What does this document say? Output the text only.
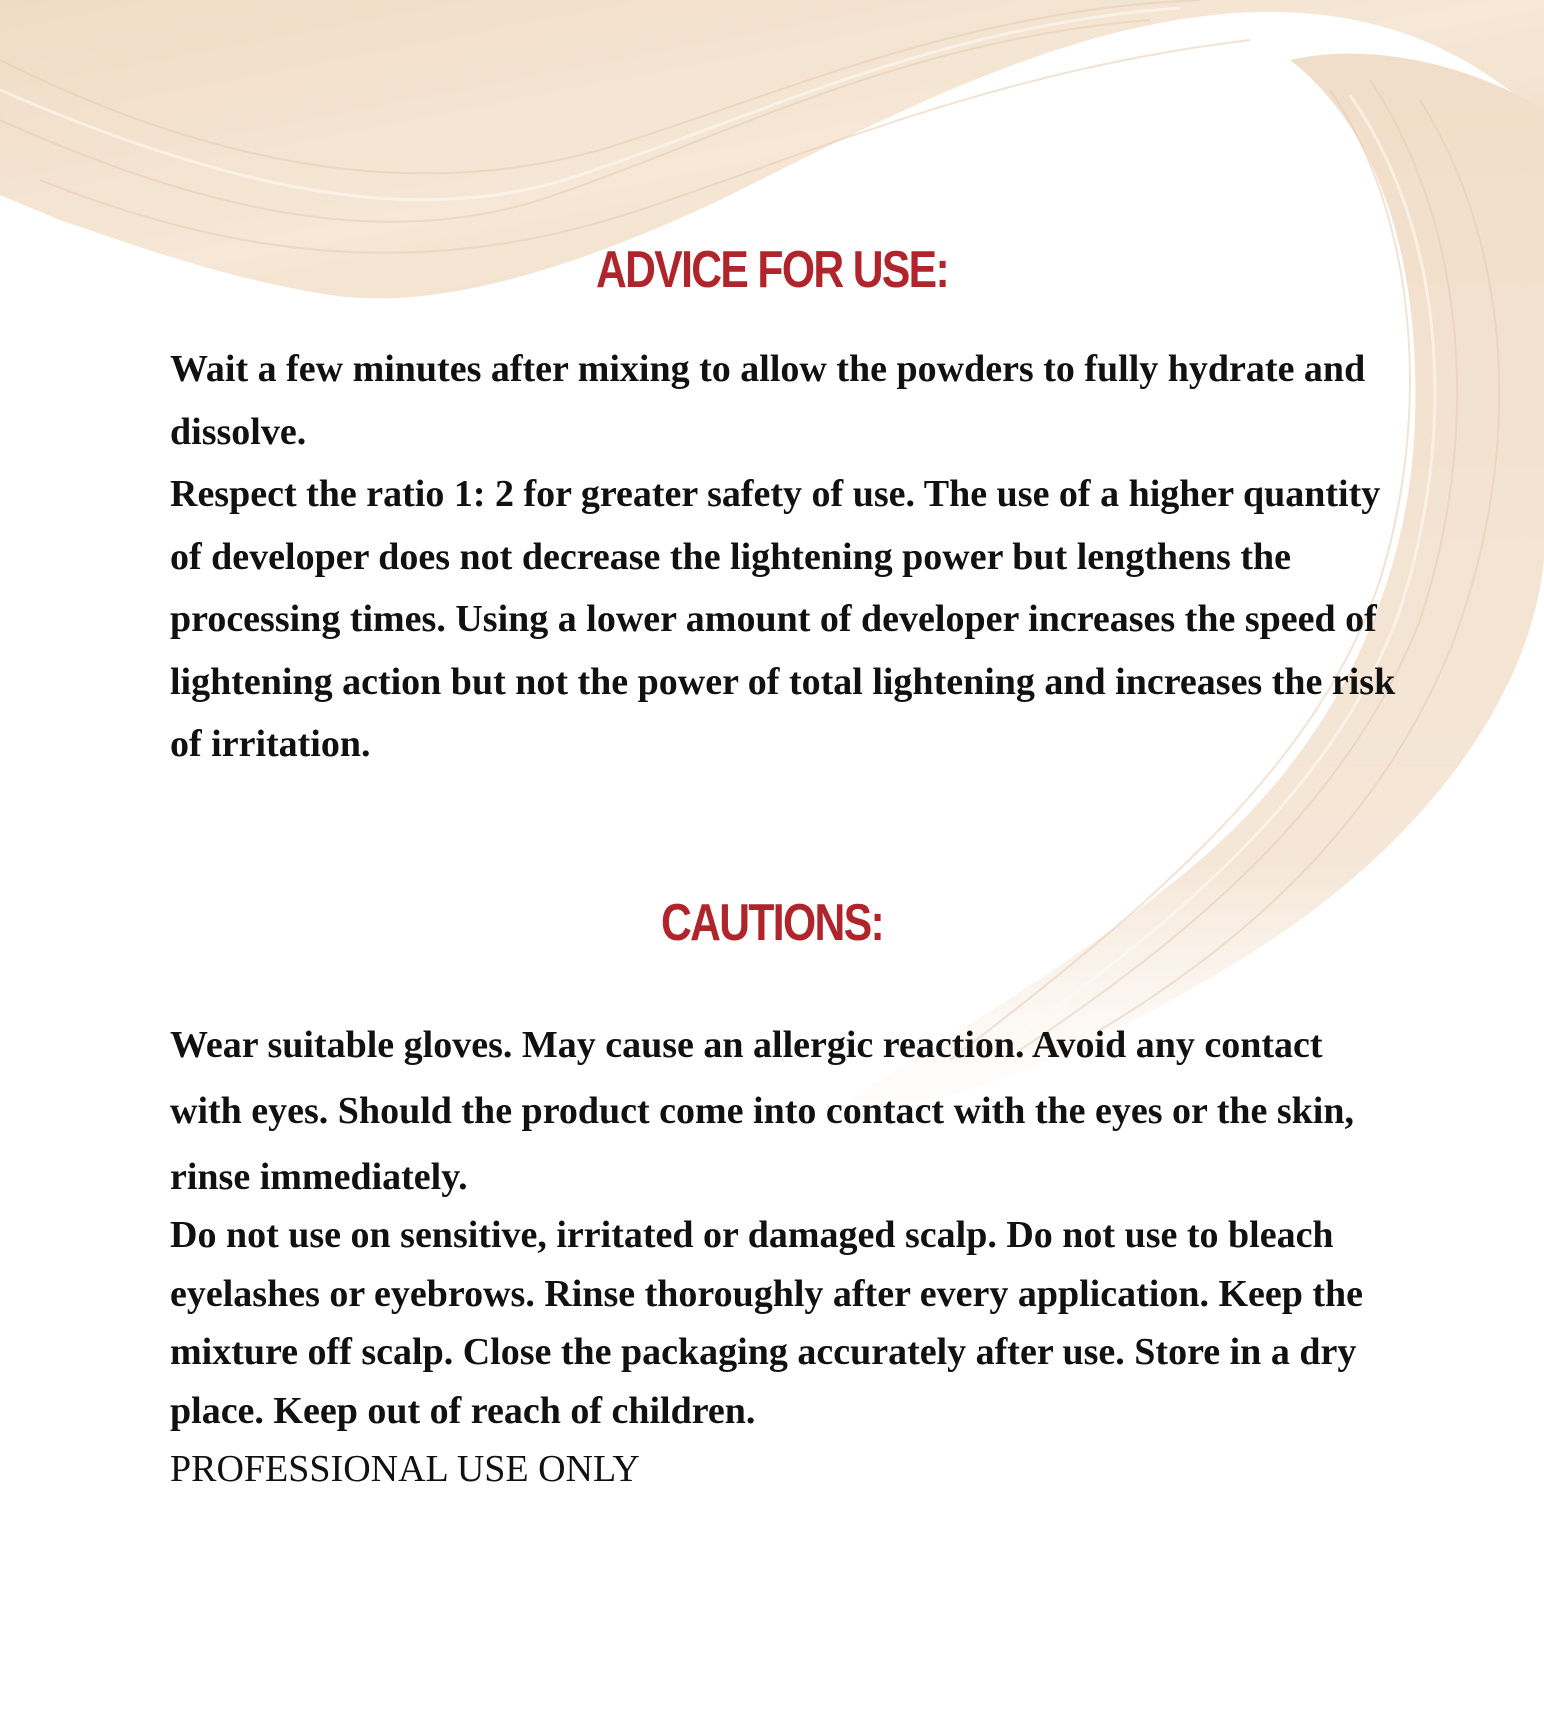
ADVICE FOR USE:

Wait a few minutes after mixing to allow the powders to fully hydrate and dissolve.

Respect the ratio 1: 2 for greater safety of use. The use of a higher quantity of developer does not decrease the lightening power but lengthens the processing times. Using a lower amount of developer increases the speed of lightening action but not the power of total lightening and increases the risk of irritation.

CAUTIONS:

Wear suitable gloves. May cause an allergic reaction. Avoid any contact with eyes. Should the product come into contact with the eyes or the skin, rinse immediately.

Do not use on sensitive, irritated or damaged scalp. Do not use to bleach eyelashes or eyebrows. Rinse thoroughly after every application. Keep the mixture off scalp. Close the packaging accurately after use. Store in a dry place. Keep out of reach of children.

PROFESSIONAL USE ONLY
